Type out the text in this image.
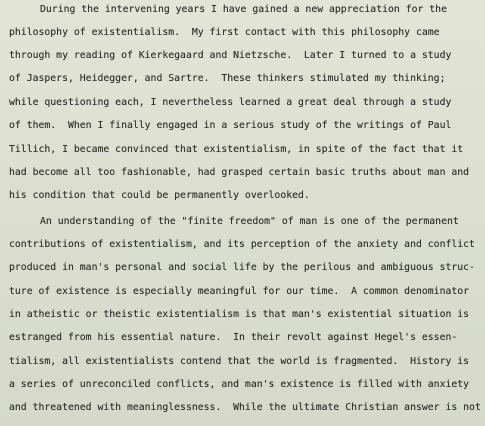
During the intervening years I have gained a new appreciation for the
philosophy of existentialism.  My first contact with this philosophy came
through my reading of Kierkegaard and Nietzsche.  Later I turned to a study
of Jaspers, Heidegger, and Sartre.  These thinkers stimulated my thinking;
while questioning each, I nevertheless learned a great deal through a study
of them.  When I finally engaged in a serious study of the writings of Paul
Tillich, I became convinced that existentialism, in spite of the fact that it
had become all too fashionable, had grasped certain basic truths about man and
his condition that could be permanently overlooked.
An understanding of the "finite freedom" of man is one of the permanent
contributions of existentialism, and its perception of the anxiety and conflict
produced in man's personal and social life by the perilous and ambiguous struc-
ture of existence is especially meaningful for our time.  A common denominator
in atheistic or theistic existentialism is that man's existential situation is
estranged from his essential nature.  In their revolt against Hegel's essen-
tialism, all existentialists contend that the world is fragmented.  History is
a series of unreconciled conflicts, and man's existence is filled with anxiety
and threatened with meaninglessness.  While the ultimate Christian answer is not
